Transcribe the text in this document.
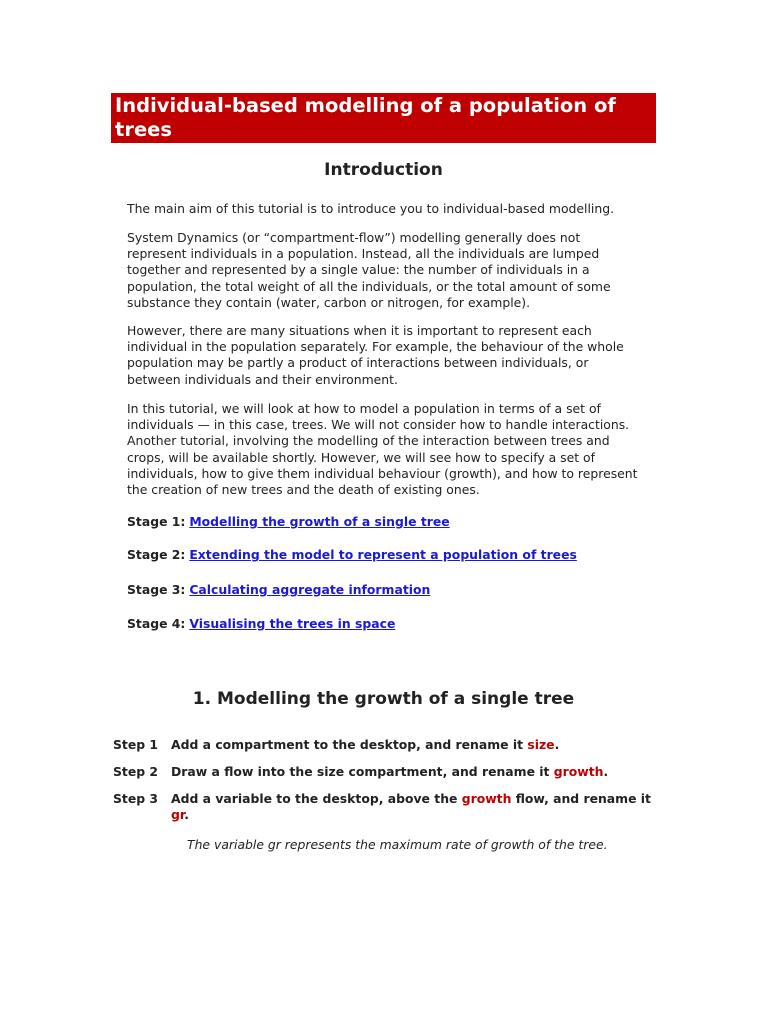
Individual-based modelling of a population of trees
Introduction

The main aim of this tutorial is to introduce you to individual-based modelling.

System Dynamics (or “compartment-flow”) modelling generally does not represent individuals in a population. Instead, all the individuals are lumped together and represented by a single value: the number of individuals in a population, the total weight of all the individuals, or the total amount of some substance they contain (water, carbon or nitrogen, for example).

However, there are many situations when it is important to represent each individual in the population separately. For example, the behaviour of the whole population may be partly a product of interactions between individuals, or between individuals and their environment.

In this tutorial, we will look at how to model a population in terms of a set of individuals — in this case, trees. We will not consider how to handle interactions. Another tutorial, involving the modelling of the interaction between trees and crops, will be available shortly. However, we will see how to specify a set of individuals, how to give them individual behaviour (growth), and how to represent the creation of new trees and the death of existing ones.

Stage 1: Modelling the growth of a single tree

Stage 2: Extending the model to represent a population of trees

Stage 3: Calculating aggregate information

Stage 4: Visualising the trees in space

1. Modelling the growth of a single tree
Step 1 Add a compartment to the desktop, and rename it size.
Step 2 Draw a flow into the size compartment, and rename it growth.
Step 3 Add a variable to the desktop, above the growth flow, and rename it gr.

The variable gr represents the maximum rate of growth of the tree.
